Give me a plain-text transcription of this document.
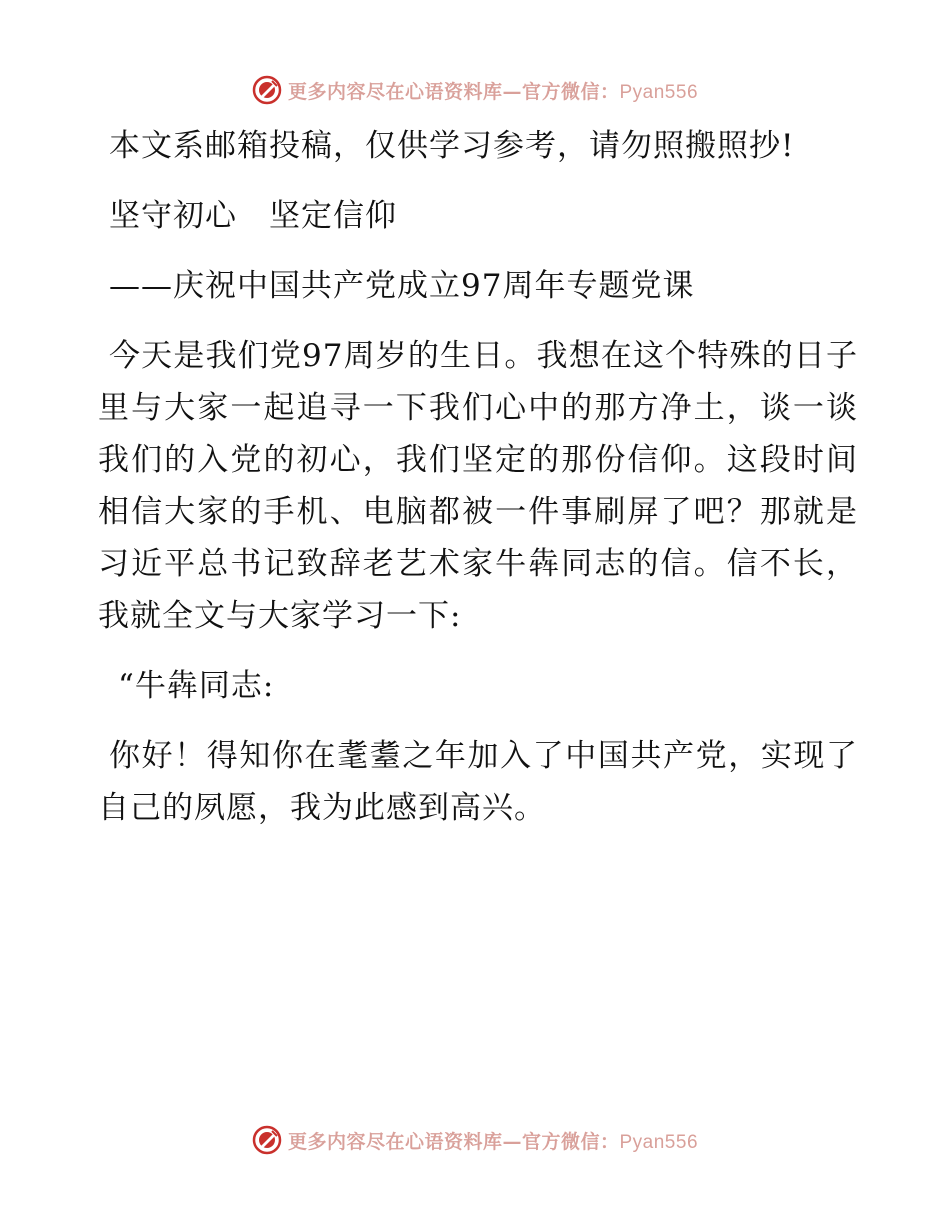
更多内容尽在心语资料库—官方微信：Pyan556

本文系邮箱投稿，仅供学习参考，请勿照搬照抄!

坚守初心　坚定信仰

——庆祝中国共产党成立97周年专题党课

今天是我们党97周岁的生日。我想在这个特殊的日子里与大家一起追寻一下我们心中的那方净土，谈一谈我们的入党的初心，我们坚定的那份信仰。这段时间相信大家的手机、电脑都被一件事刷屏了吧？那就是习近平总书记致辞老艺术家牛犇同志的信。信不长，我就全文与大家学习一下:

“牛犇同志:

你好！得知你在耄耋之年加入了中国共产党，实现了自己的夙愿，我为此感到高兴。

更多内容尽在心语资料库—官方微信：Pyan556
